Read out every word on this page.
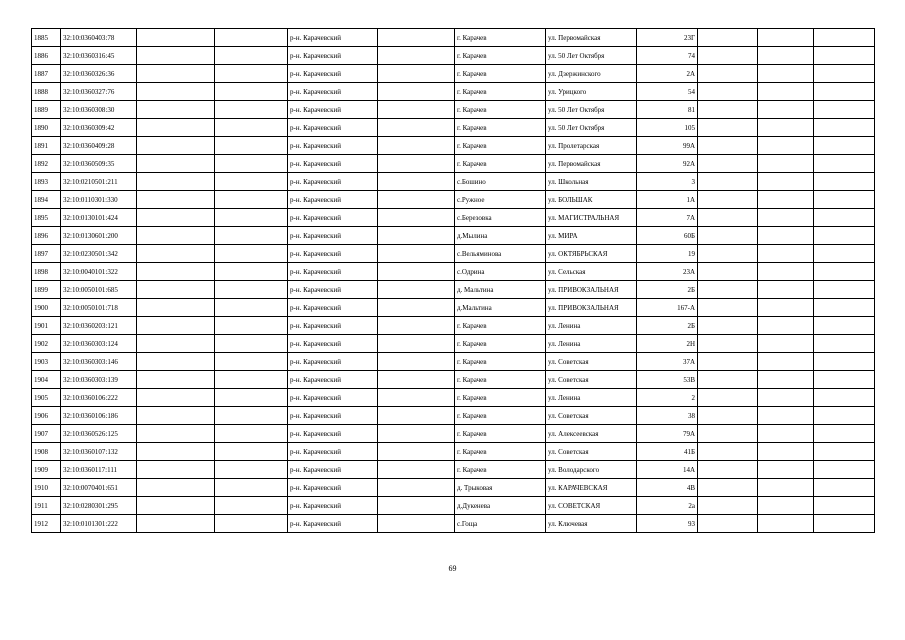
1885	32:10:0360403:78			р-н. Карачевский		г. Карачев	ул. Первомайская	23Г			
1886	32:10:0360316:45			р-н. Карачевский		г. Карачев	ул. 50 Лет Октября	74			
1887	32:10:0360326:36			р-н. Карачевский		г. Карачев	ул. Дзержинского	2А			
1888	32:10:0360327:76			р-н. Карачевский		г. Карачев	ул. Урицкого	54			
1889	32:10:0360308:30			р-н. Карачевский		г. Карачев	ул. 50 Лет Октября	81			
1890	32:10:0360309:42			р-н. Карачевский		г. Карачев	ул. 50 Лет Октября	105			
1891	32:10:0360409:28			р-н. Карачевский		г. Карачев	ул. Пролетарская	99А			
1892	32:10:0360509:35			р-н. Карачевский		г. Карачев	ул. Первомайская	92А			
1893	32:10:0210501:211			р-н. Карачевский		с.Бошино	ул. Школьная	3			
1894	32:10:0110301:330			р-н. Карачевский		с.Ружное	ул. БОЛЬШАК	1А			
1895	32:10:0130101:424			р-н. Карачевский		с.Березовка	ул. МАГИСТРАЛЬНАЯ	7А			
1896	32:10:0130601:200			р-н. Карачевский		д.Мылина	ул. МИРА	60Б			
1897	32:10:0230501:342			р-н. Карачевский		с.Вельяминова	ул. ОКТЯБРЬСКАЯ	19			
1898	32:10:0040101:322			р-н. Карачевский		с.Одрина	ул. Сельская	23А			
1899	32:10:0050101:685			р-н. Карачевский		д. Мальтина	ул. ПРИВОКЗАЛЬНАЯ	2Б			
1900	32:10:0050101:718			р-н. Карачевский		д.Мальтина	ул. ПРИВОКЗАЛЬНАЯ	167-А			
1901	32:10:0360203:121			р-н. Карачевский		г. Карачев	ул. Ленина	2Б			
1902	32:10:0360303:124			р-н. Карачевский		г. Карачев	ул. Ленина	2Н			
1903	32:10:0360303:146			р-н. Карачевский		г. Карачев	ул. Советская	37А			
1904	32:10:0360303:139			р-н. Карачевский		г. Карачев	ул. Советская	53В			
1905	32:10:0360106:222			р-н. Карачевский		г. Карачев	ул. Ленина	2			
1906	32:10:0360106:186			р-н. Карачевский		г. Карачев	ул. Советская	38			
1907	32:10:0360526:125			р-н. Карачевский		г. Карачев	ул. Алексеевская	79А			
1908	32:10:0360107:132			р-н. Карачевский		г. Карачев	ул. Советская	41Б			
1909	32:10:0360117:111			р-н. Карачевский		г. Карачев	ул. Володарского	14А			
1910	32:10:0070401:651			р-н. Карачевский		д. Трыковая	ул. КАРАЧЕВСКАЯ	4В			
1911	32:10:0280301:295			р-н. Карачевский		д.Дукенева	ул. СОВЕТСКАЯ	2а			
1912	32:10:0101301:222			р-н. Карачевский		с.Гоща	ул. Ключевая	93			
69
